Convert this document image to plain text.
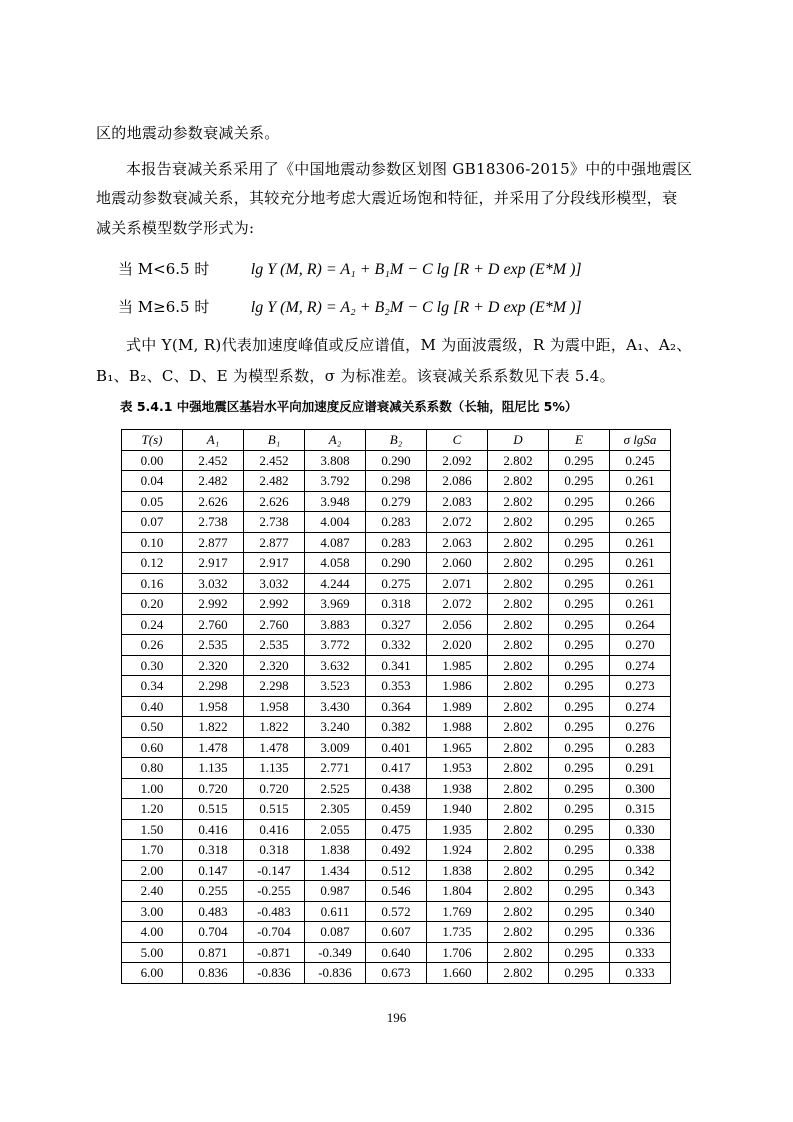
区的地震动参数衰减关系。
本报告衰减关系采用了《中国地震动参数区划图 GB18306-2015》中的中强地震区
地震动参数衰减关系，其较充分地考虑大震近场饱和特征，并采用了分段线形模型，衰
减关系模型数学形式为:
当 M<6.5 时	lg Y (M, R) = A₁ + B₁M − C lg [R + D exp (E*M )]
当 M≥6.5 时	lg Y (M, R) = A₂ + B₂M − C lg [R + D exp (E*M )]
式中 Y(M, R)代表加速度峰值或反应谱值，M 为面波震级，R 为震中距，A₁、A₂、
B₁、B₂、C、D、E 为模型系数，σ 为标准差。该衰减关系系数见下表 5.4。
表 5.4.1 中强地震区基岩水平向加速度反应谱衰减关系系数（长轴，阻尼比 5%）
T(s)	A₁	B₁	A₂	B₂	C	D	E	σ lgSa
0.00	2.452	2.452	3.808	0.290	2.092	2.802	0.295	0.245
0.04	2.482	2.482	3.792	0.298	2.086	2.802	0.295	0.261
0.05	2.626	2.626	3.948	0.279	2.083	2.802	0.295	0.266
0.07	2.738	2.738	4.004	0.283	2.072	2.802	0.295	0.265
0.10	2.877	2.877	4.087	0.283	2.063	2.802	0.295	0.261
0.12	2.917	2.917	4.058	0.290	2.060	2.802	0.295	0.261
0.16	3.032	3.032	4.244	0.275	2.071	2.802	0.295	0.261
0.20	2.992	2.992	3.969	0.318	2.072	2.802	0.295	0.261
0.24	2.760	2.760	3.883	0.327	2.056	2.802	0.295	0.264
0.26	2.535	2.535	3.772	0.332	2.020	2.802	0.295	0.270
0.30	2.320	2.320	3.632	0.341	1.985	2.802	0.295	0.274
0.34	2.298	2.298	3.523	0.353	1.986	2.802	0.295	0.273
0.40	1.958	1.958	3.430	0.364	1.989	2.802	0.295	0.274
0.50	1.822	1.822	3.240	0.382	1.988	2.802	0.295	0.276
0.60	1.478	1.478	3.009	0.401	1.965	2.802	0.295	0.283
0.80	1.135	1.135	2.771	0.417	1.953	2.802	0.295	0.291
1.00	0.720	0.720	2.525	0.438	1.938	2.802	0.295	0.300
1.20	0.515	0.515	2.305	0.459	1.940	2.802	0.295	0.315
1.50	0.416	0.416	2.055	0.475	1.935	2.802	0.295	0.330
1.70	0.318	0.318	1.838	0.492	1.924	2.802	0.295	0.338
2.00	0.147	-0.147	1.434	0.512	1.838	2.802	0.295	0.342
2.40	0.255	-0.255	0.987	0.546	1.804	2.802	0.295	0.343
3.00	0.483	-0.483	0.611	0.572	1.769	2.802	0.295	0.340
4.00	0.704	-0.704	0.087	0.607	1.735	2.802	0.295	0.336
5.00	0.871	-0.871	-0.349	0.640	1.706	2.802	0.295	0.333
6.00	0.836	-0.836	-0.836	0.673	1.660	2.802	0.295	0.333
196
